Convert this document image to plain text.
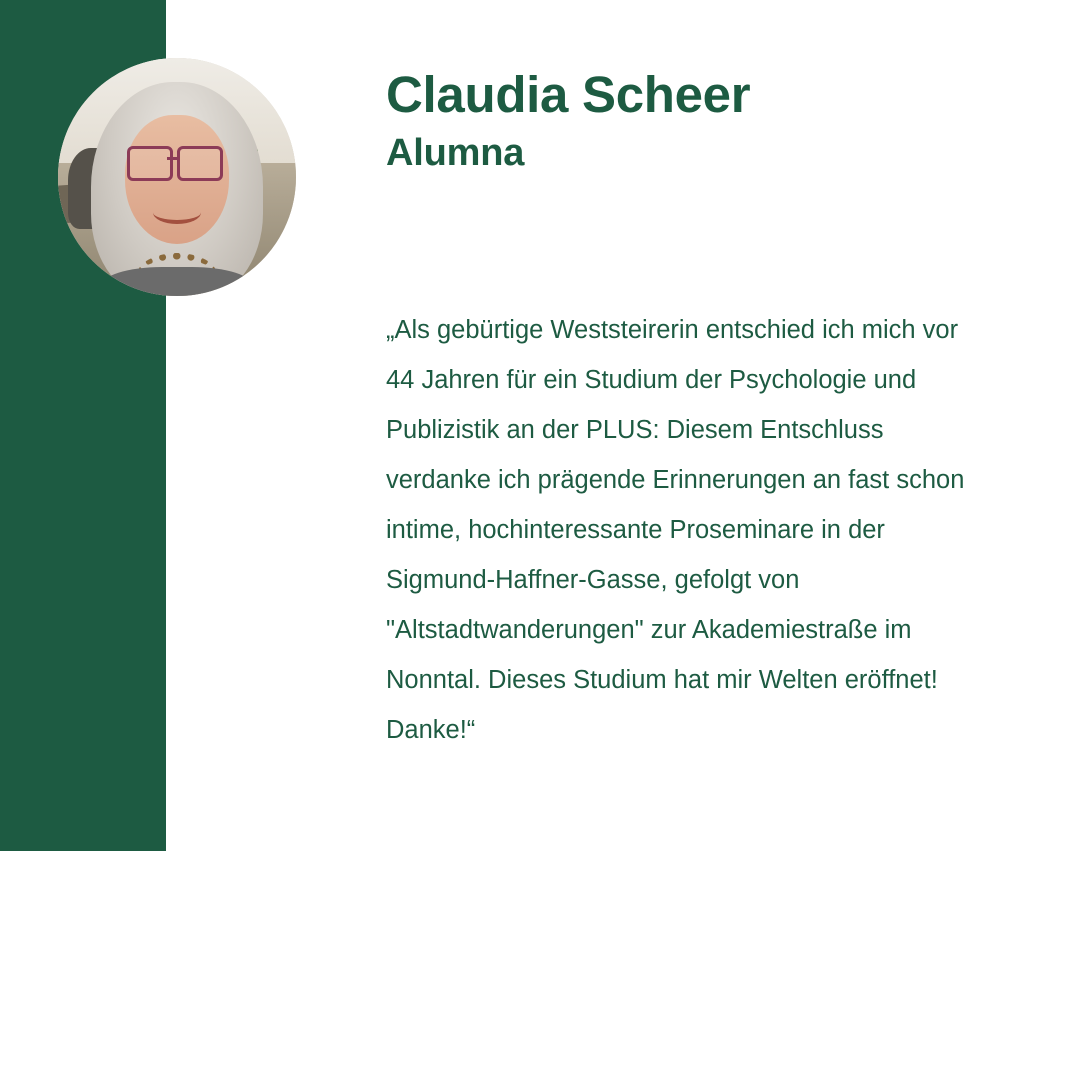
Claudia Scheer
Alumna

„Als gebürtige Weststeirerin entschied ich mich vor 44 Jahren für ein Studium der Psychologie und Publizistik an der PLUS: Diesem Entschluss verdanke ich prägende Erinnerungen an fast schon intime, hochinteressante Proseminare in der Sigmund-Haffner-Gasse, gefolgt von "Altstadtwanderungen" zur Akademiestraße im Nonntal. Dieses Studium hat mir Welten eröffnet! Danke!“
